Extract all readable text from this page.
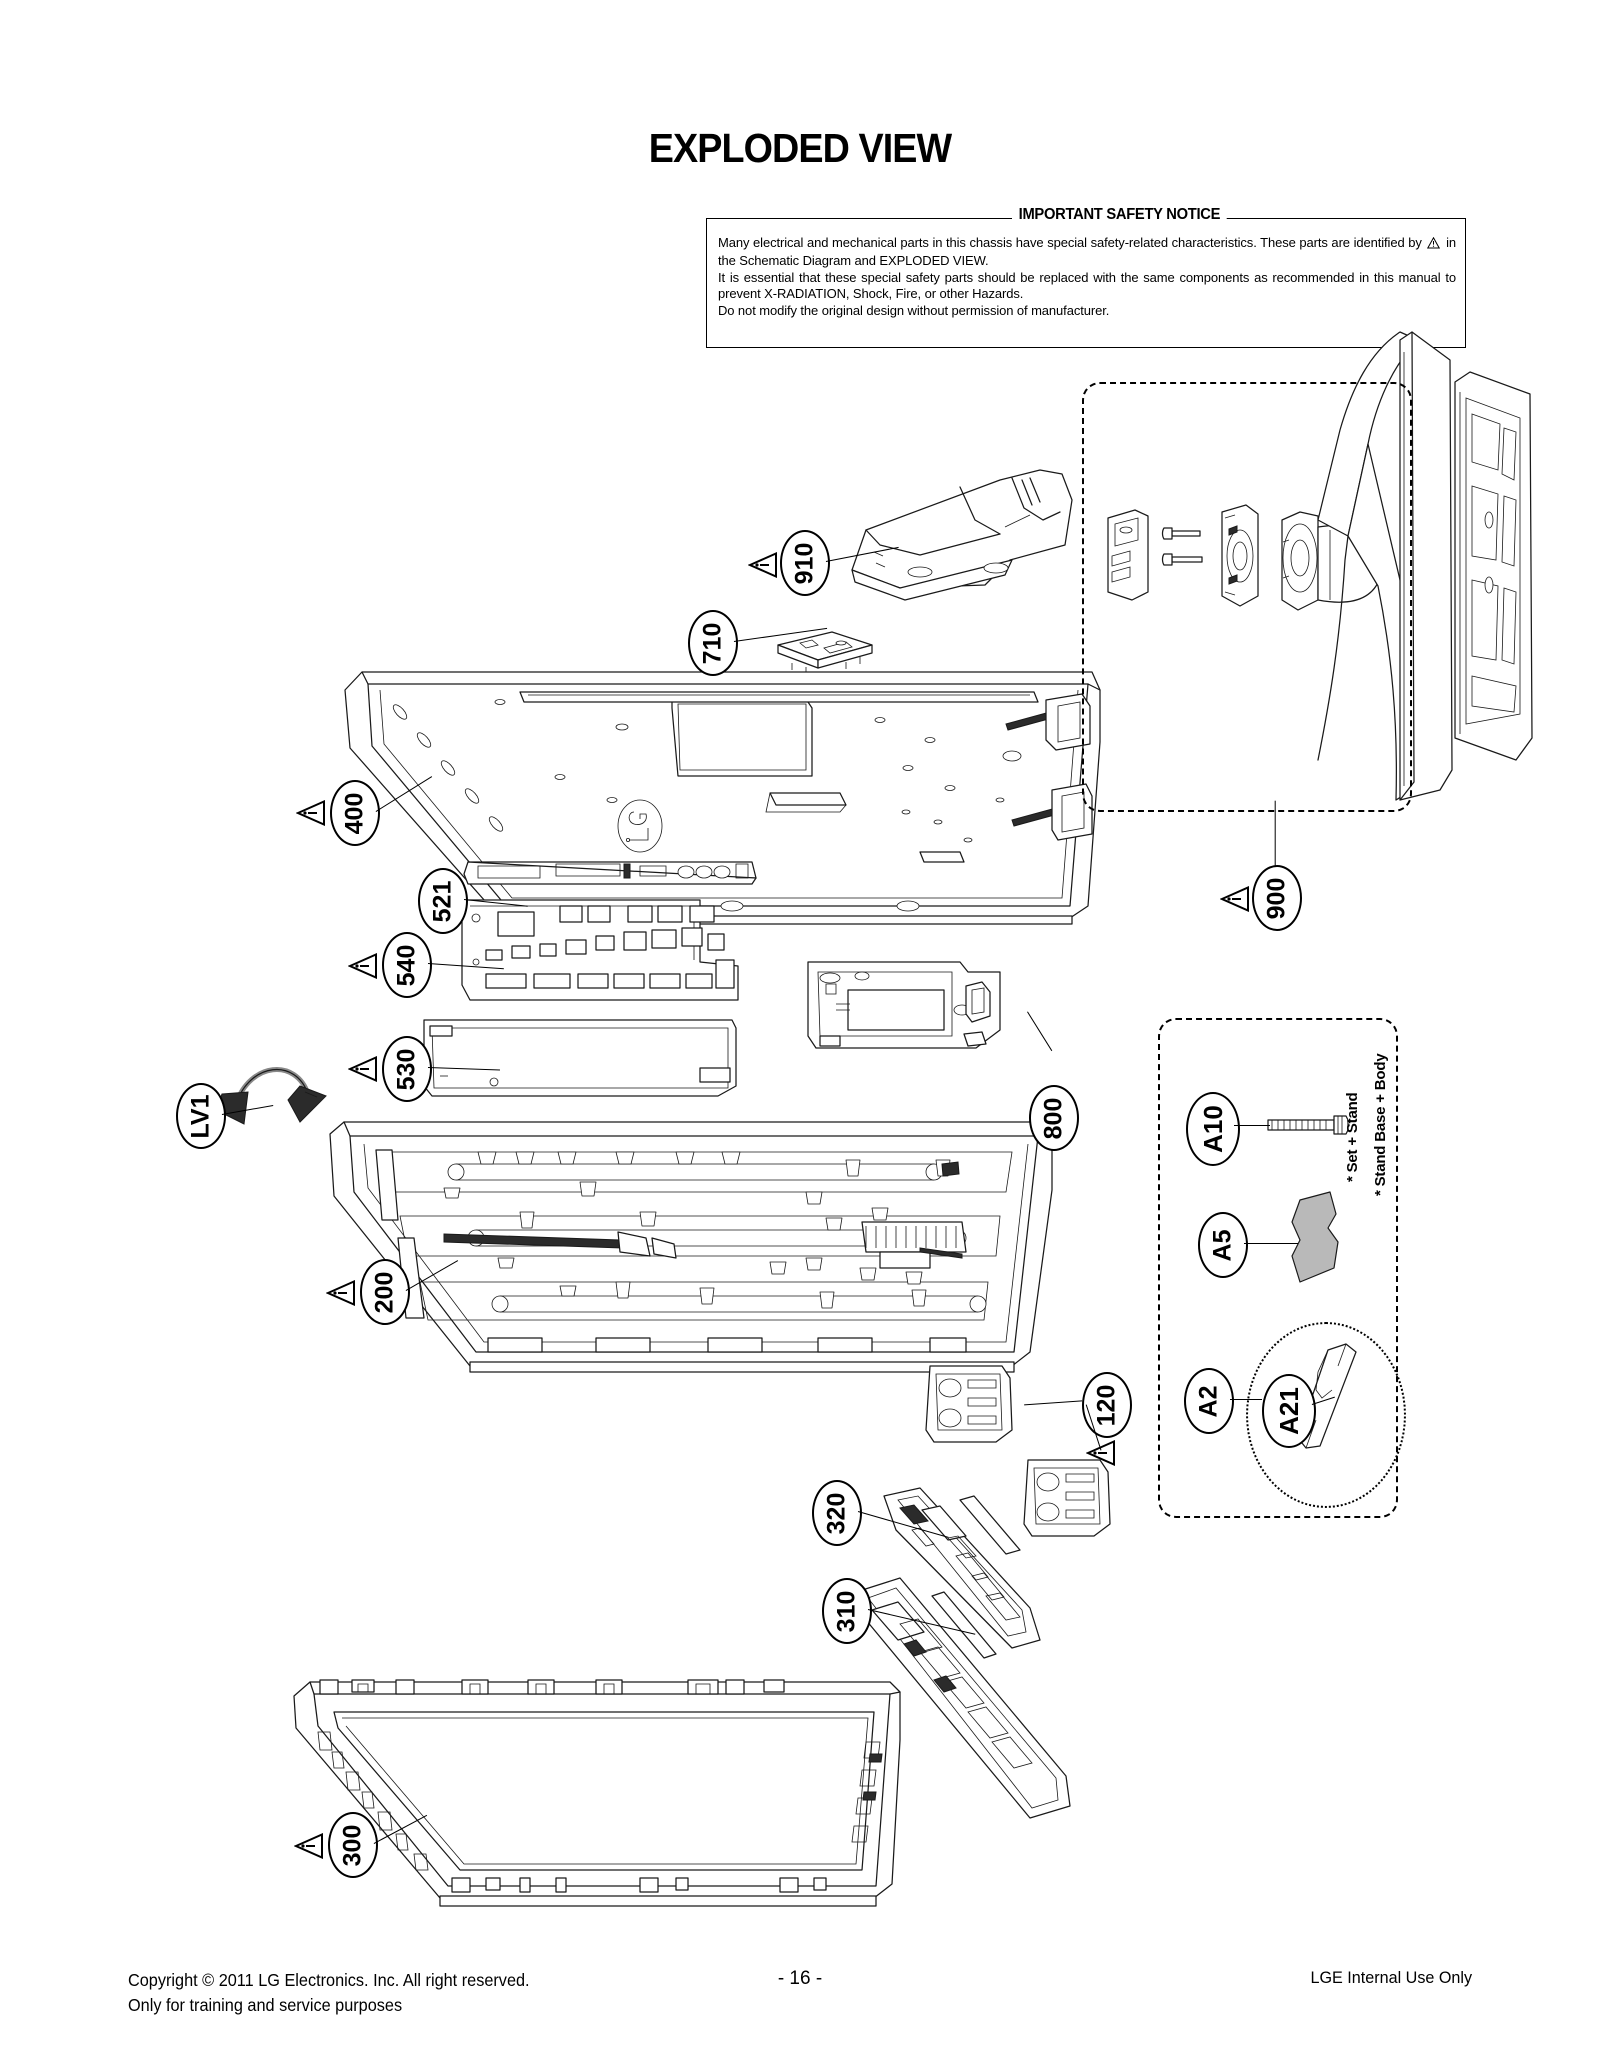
EXPLODED VIEW
IMPORTANT SAFETY NOTICE

Many electrical and mechanical parts in this chassis have special safety-related characteristics. These parts are identified by in the Schematic Diagram and EXPLODED VIEW.

It is essential that these special safety parts should be replaced with the same components as recommended in this manual to prevent X-RADIATION, Shock, Fire, or other Hazards.

Do not modify the original design without permission of manufacturer.

910
710
400
900
521
540
530
LV1	800
200
120
320
310
300
A10
A5
A2 A21
* Set + Stand * Stand Base + Body
Copyright © 2011 LG Electronics. Inc. All right reserved.
Only for training and service purposes
- 16 -	LGE Internal Use Only
